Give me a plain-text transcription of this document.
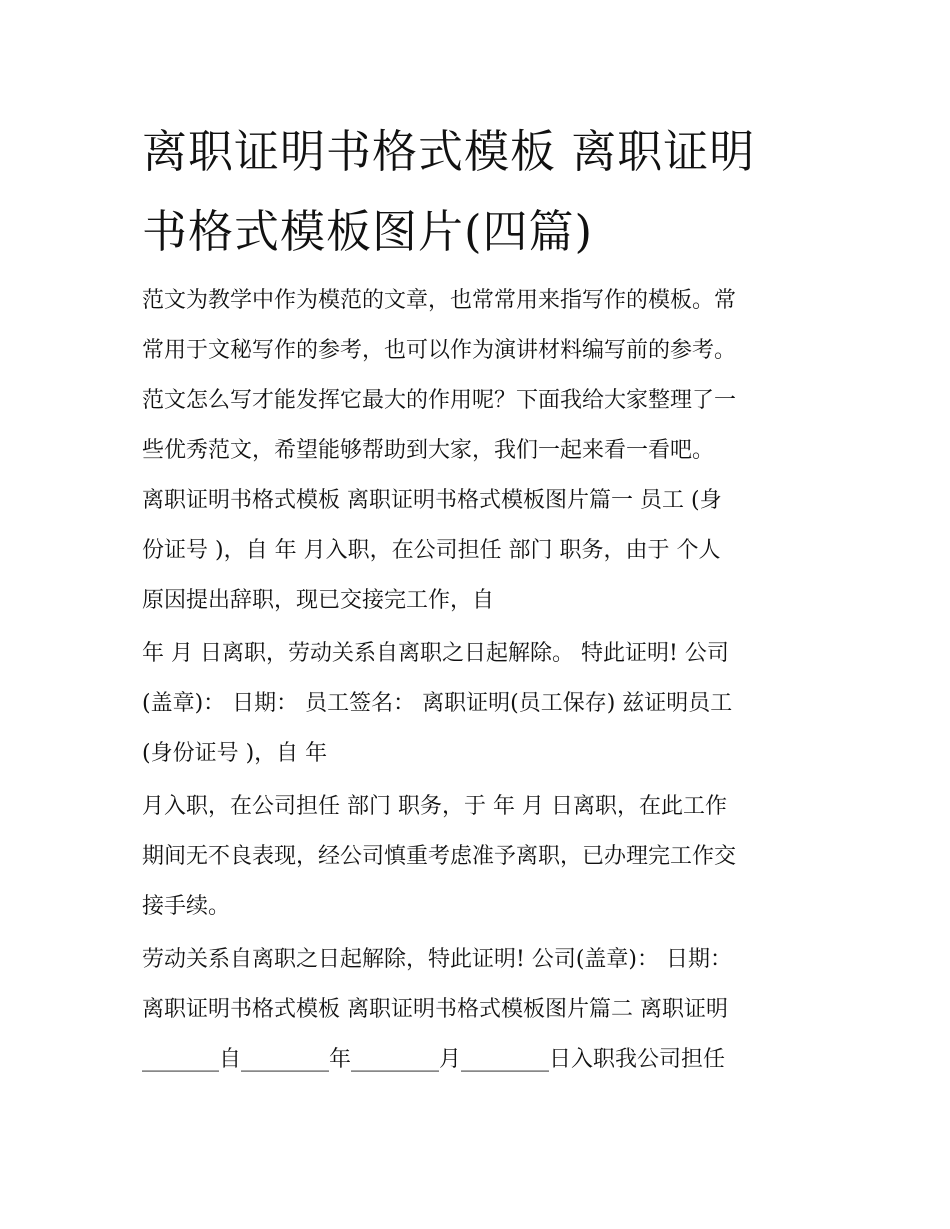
离职证明书格式模板 离职证明
书格式模板图片(四篇)

范文为教学中作为模范的文章，也常常用来指写作的模板。常

常用于文秘写作的参考，也可以作为演讲材料编写前的参考。

范文怎么写才能发挥它最大的作用呢？下面我给大家整理了一

些优秀范文，希望能够帮助到大家，我们一起来看一看吧。

离职证明书格式模板 离职证明书格式模板图片篇一 员工 (身

份证号 )，自 年 月入职，在公司担任 部门 职务，由于 个人

原因提出辞职，现已交接完工作，自

年 月 日离职，劳动关系自离职之日起解除。 特此证明! 公司

(盖章)： 日期： 员工签名： 离职证明(员工保存) 兹证明员工

(身份证号 )，自 年

月入职，在公司担任 部门 职务，于 年 月 日离职，在此工作

期间无不良表现，经公司慎重考虑准予离职，已办理完工作交

接手续。

劳动关系自离职之日起解除，特此证明! 公司(盖章)： 日期：

离职证明书格式模板 离职证明书格式模板图片篇二 离职证明

_______自________年________月________日入职我公司担任
